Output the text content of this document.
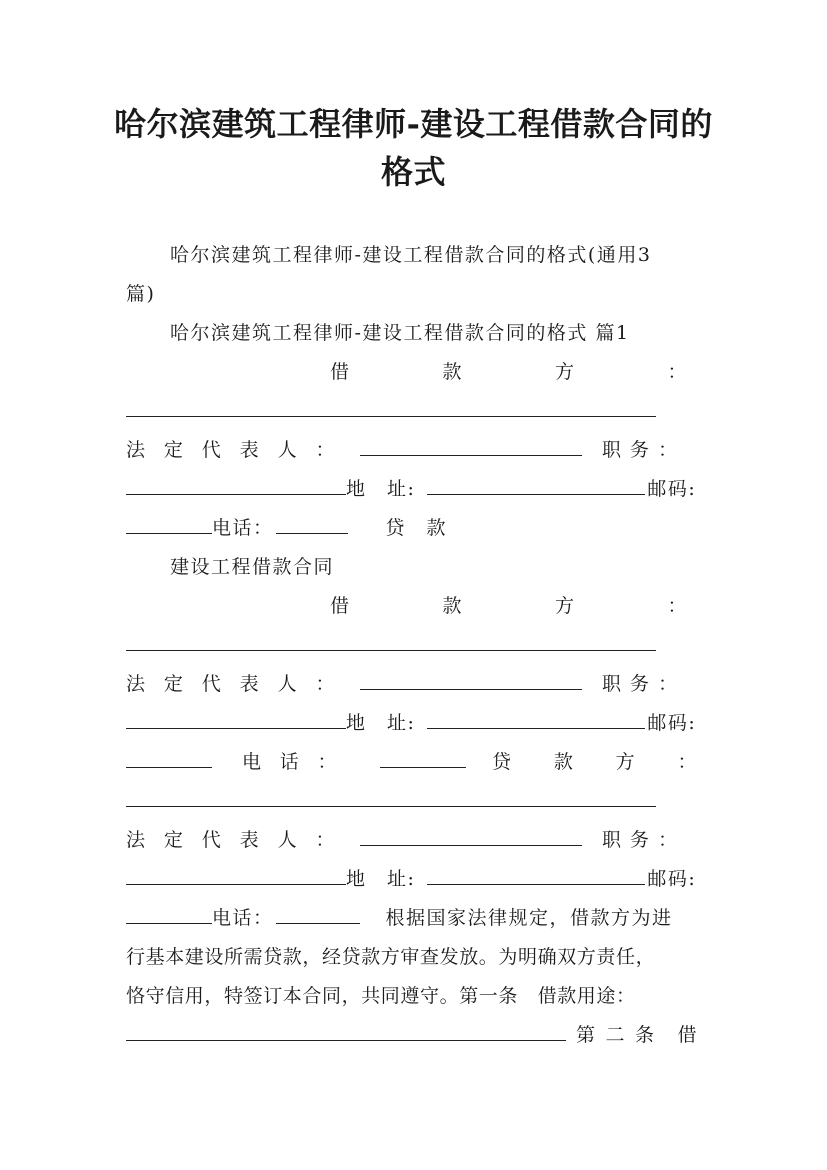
哈尔滨建筑工程律师-建设工程借款合同的
格式
哈尔滨建筑工程律师-建设工程借款合同的格式(通用3
篇)
哈尔滨建筑工程律师-建设工程借款合同的格式 篇1
借	款	方	：
法 定 代 表 人 ：	职 务 ：
地　址:	邮码:
电话：	贷　款
建设工程借款合同
借	款	方	：
法 定 代 表 人 ：	职 务 ：
地　址:	邮码:
电 话 ：	贷 款 方 ：
法 定 代 表 人 ：	职 务 ：
地　址:	邮码:
电话：	根据国家法律规定，借款方为进
行基本建设所需贷款，经贷款方审查发放。为明确双方责任，
恪守信用，特签订本合同，共同遵守。第一条　借款用途：
第 二 条　借
